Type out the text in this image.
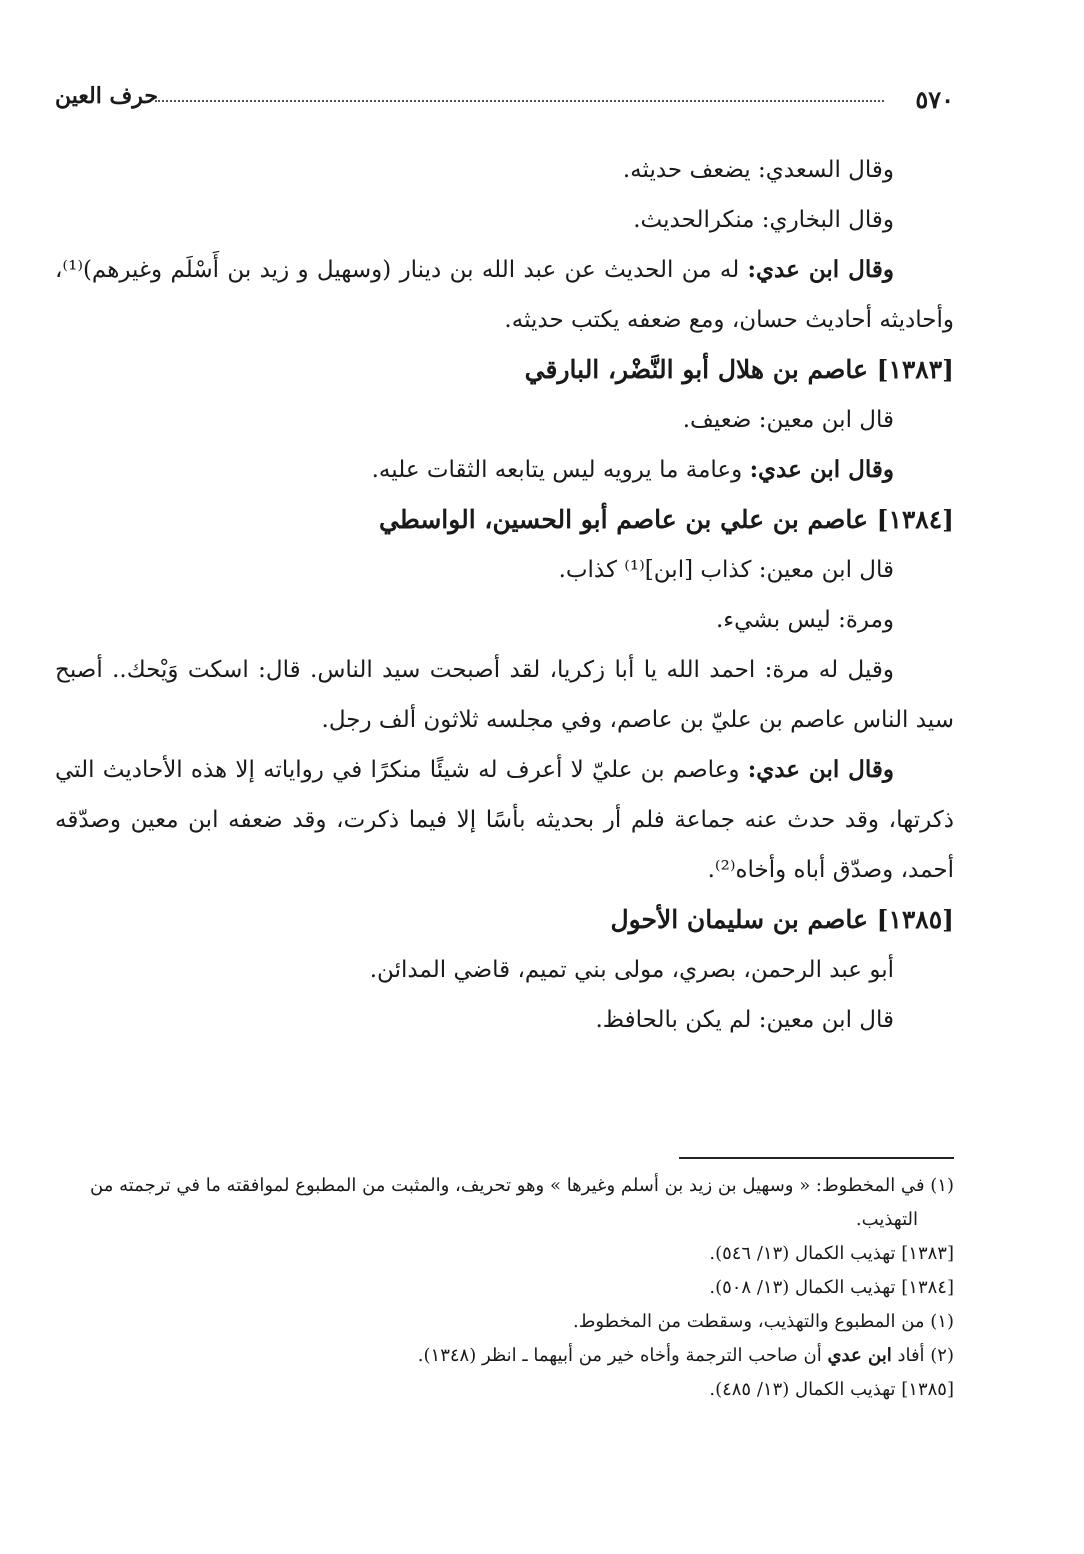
٥٧٠
حرف العين

وقال السعدي: يضعف حديثه.

وقال البخاري: منكرالحديث.

وقال ابن عدي: له من الحديث عن عبد الله بن دينار (وسهيل و زيد بن أَسْلَم وغيرهم)⁽¹⁾، وأحاديثه أحاديث حسان، ومع ضعفه يكتب حديثه.

[١٣٨٣] عاصم بن هلال أبو النَّضْر، البارقي

قال ابن معين: ضعيف.

وقال ابن عدي: وعامة ما يرويه ليس يتابعه الثقات عليه.

[١٣٨٤] عاصم بن علي بن عاصم أبو الحسين، الواسطي

قال ابن معين: كذاب [ابن]⁽¹⁾ كذاب.

ومرة: ليس بشيء.

وقيل له مرة: احمد الله يا أبا زكريا، لقد أصبحت سيد الناس. قال: اسكت وَيْحك.. أصبح سيد الناس عاصم بن عليّ بن عاصم، وفي مجلسه ثلاثون ألف رجل.

وقال ابن عدي: وعاصم بن عليّ لا أعرف له شيئًا منكرًا في رواياته إلا هذه الأحاديث التي ذكرتها، وقد حدث عنه جماعة فلم أر بحديثه بأسًا إلا فيما ذكرت، وقد ضعفه ابن معين وصدّقه أحمد، وصدّق أباه وأخاه⁽²⁾.

[١٣٨٥] عاصم بن سليمان الأحول

أبو عبد الرحمن، بصري، مولى بني تميم، قاضي المدائن.

قال ابن معين: لم يكن بالحافظ.

(١) في المخطوط: « وسهيل بن زيد بن أسلم وغيرها » وهو تحريف، والمثبت من المطبوع لموافقته ما في ترجمته من التهذيب.

[١٣٨٣] تهذيب الكمال (١٣/ ٥٤٦).

[١٣٨٤] تهذيب الكمال (١٣/ ٥٠٨).

(١) من المطبوع والتهذيب، وسقطت من المخطوط.

(٢) أفاد ابن عدي أن صاحب الترجمة وأخاه خير من أبيهما ـ انظر (١٣٤٨).

[١٣٨٥] تهذيب الكمال (١٣/ ٤٨٥).
